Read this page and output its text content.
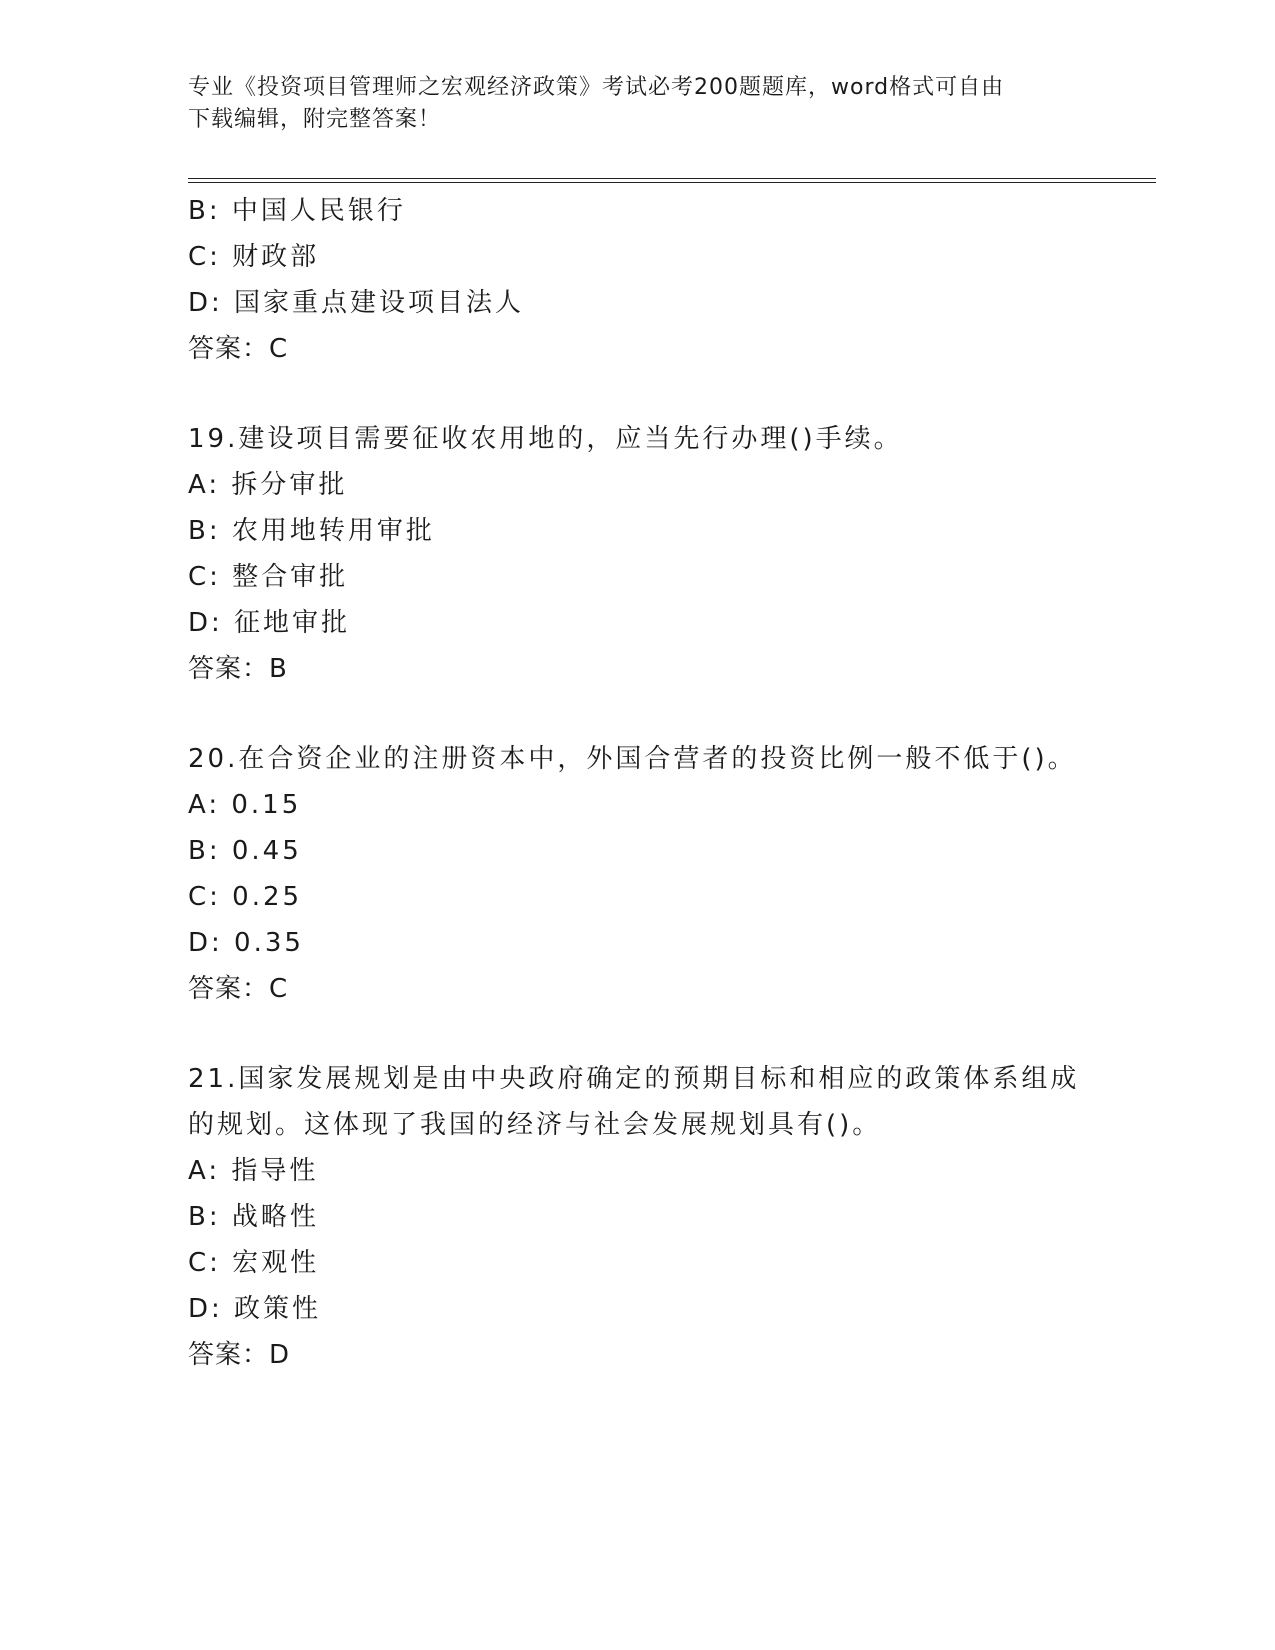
专业《投资项目管理师之宏观经济政策》考试必考200题题库，word格式可自由
下载编辑，附完整答案！
B: 中国人民银行
C: 财政部
D: 国家重点建设项目法人
答案：C
19.建设项目需要征收农用地的，应当先行办理()手续。
A: 拆分审批
B: 农用地转用审批
C: 整合审批
D: 征地审批
答案：B
20.在合资企业的注册资本中，外国合营者的投资比例一般不低于()。
A: 0.15
B: 0.45
C: 0.25
D: 0.35
答案：C
21.国家发展规划是由中央政府确定的预期目标和相应的政策体系组成
的规划。这体现了我国的经济与社会发展规划具有()。
A: 指导性
B: 战略性
C: 宏观性
D: 政策性
答案：D
